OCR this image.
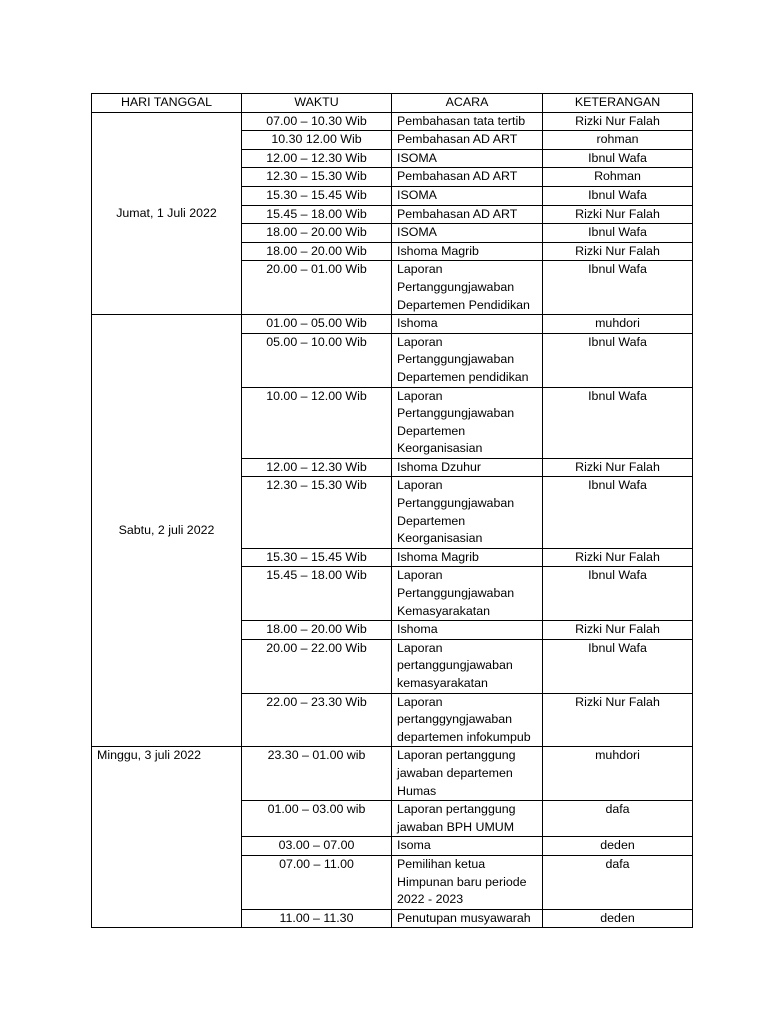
HARI TANGGAL	WAKTU	ACARA	KETERANGAN
Jumat, 1 Juli 2022	07.00 – 10.30 Wib	Pembahasan tata tertib	Rizki Nur Falah
	10.30 12.00 Wib	Pembahasan AD ART	rohman
	12.00 – 12.30 Wib	ISOMA	Ibnul Wafa
	12.30 – 15.30 Wib	Pembahasan AD ART	Rohman
	15.30 – 15.45 Wib	ISOMA	Ibnul Wafa
	15.45 – 18.00 Wib	Pembahasan AD ART	Rizki Nur Falah
	18.00 – 20.00 Wib	ISOMA	Ibnul Wafa
	18.00 – 20.00 Wib	Ishoma Magrib	Rizki Nur Falah
	20.00 – 01.00 Wib	Laporan Pertanggungjawaban Departemen Pendidikan	Ibnul Wafa
Sabtu, 2 juli 2022	01.00 – 05.00 Wib	Ishoma	muhdori
	05.00 – 10.00 Wib	Laporan Pertanggungjawaban Departemen pendidikan	Ibnul Wafa
	10.00 – 12.00 Wib	Laporan Pertanggungjawaban Departemen Keorganisasian	Ibnul Wafa
	12.00 – 12.30 Wib	Ishoma Dzuhur	Rizki Nur Falah
	12.30 – 15.30 Wib	Laporan Pertanggungjawaban Departemen Keorganisasian	Ibnul Wafa
	15.30 – 15.45 Wib	Ishoma Magrib	Rizki Nur Falah
	15.45 – 18.00 Wib	Laporan Pertanggungjawaban Kemasyarakatan	Ibnul Wafa
	18.00 – 20.00 Wib	Ishoma	Rizki Nur Falah
	20.00 – 22.00 Wib	Laporan pertanggungjawaban kemasyarakatan	Ibnul Wafa
	22.00 – 23.30 Wib	Laporan pertanggyngjawaban departemen infokumpub	Rizki Nur Falah
Minggu, 3 juli 2022	23.30 – 01.00 wib	Laporan pertanggung jawaban departemen Humas	muhdori
	01.00 – 03.00 wib	Laporan pertanggung jawaban BPH UMUM	dafa
	03.00 – 07.00	Isoma	deden
	07.00 – 11.00	Pemilihan ketua Himpunan baru periode 2022 - 2023	dafa
	11.00 – 11.30	Penutupan musyawarah	deden
